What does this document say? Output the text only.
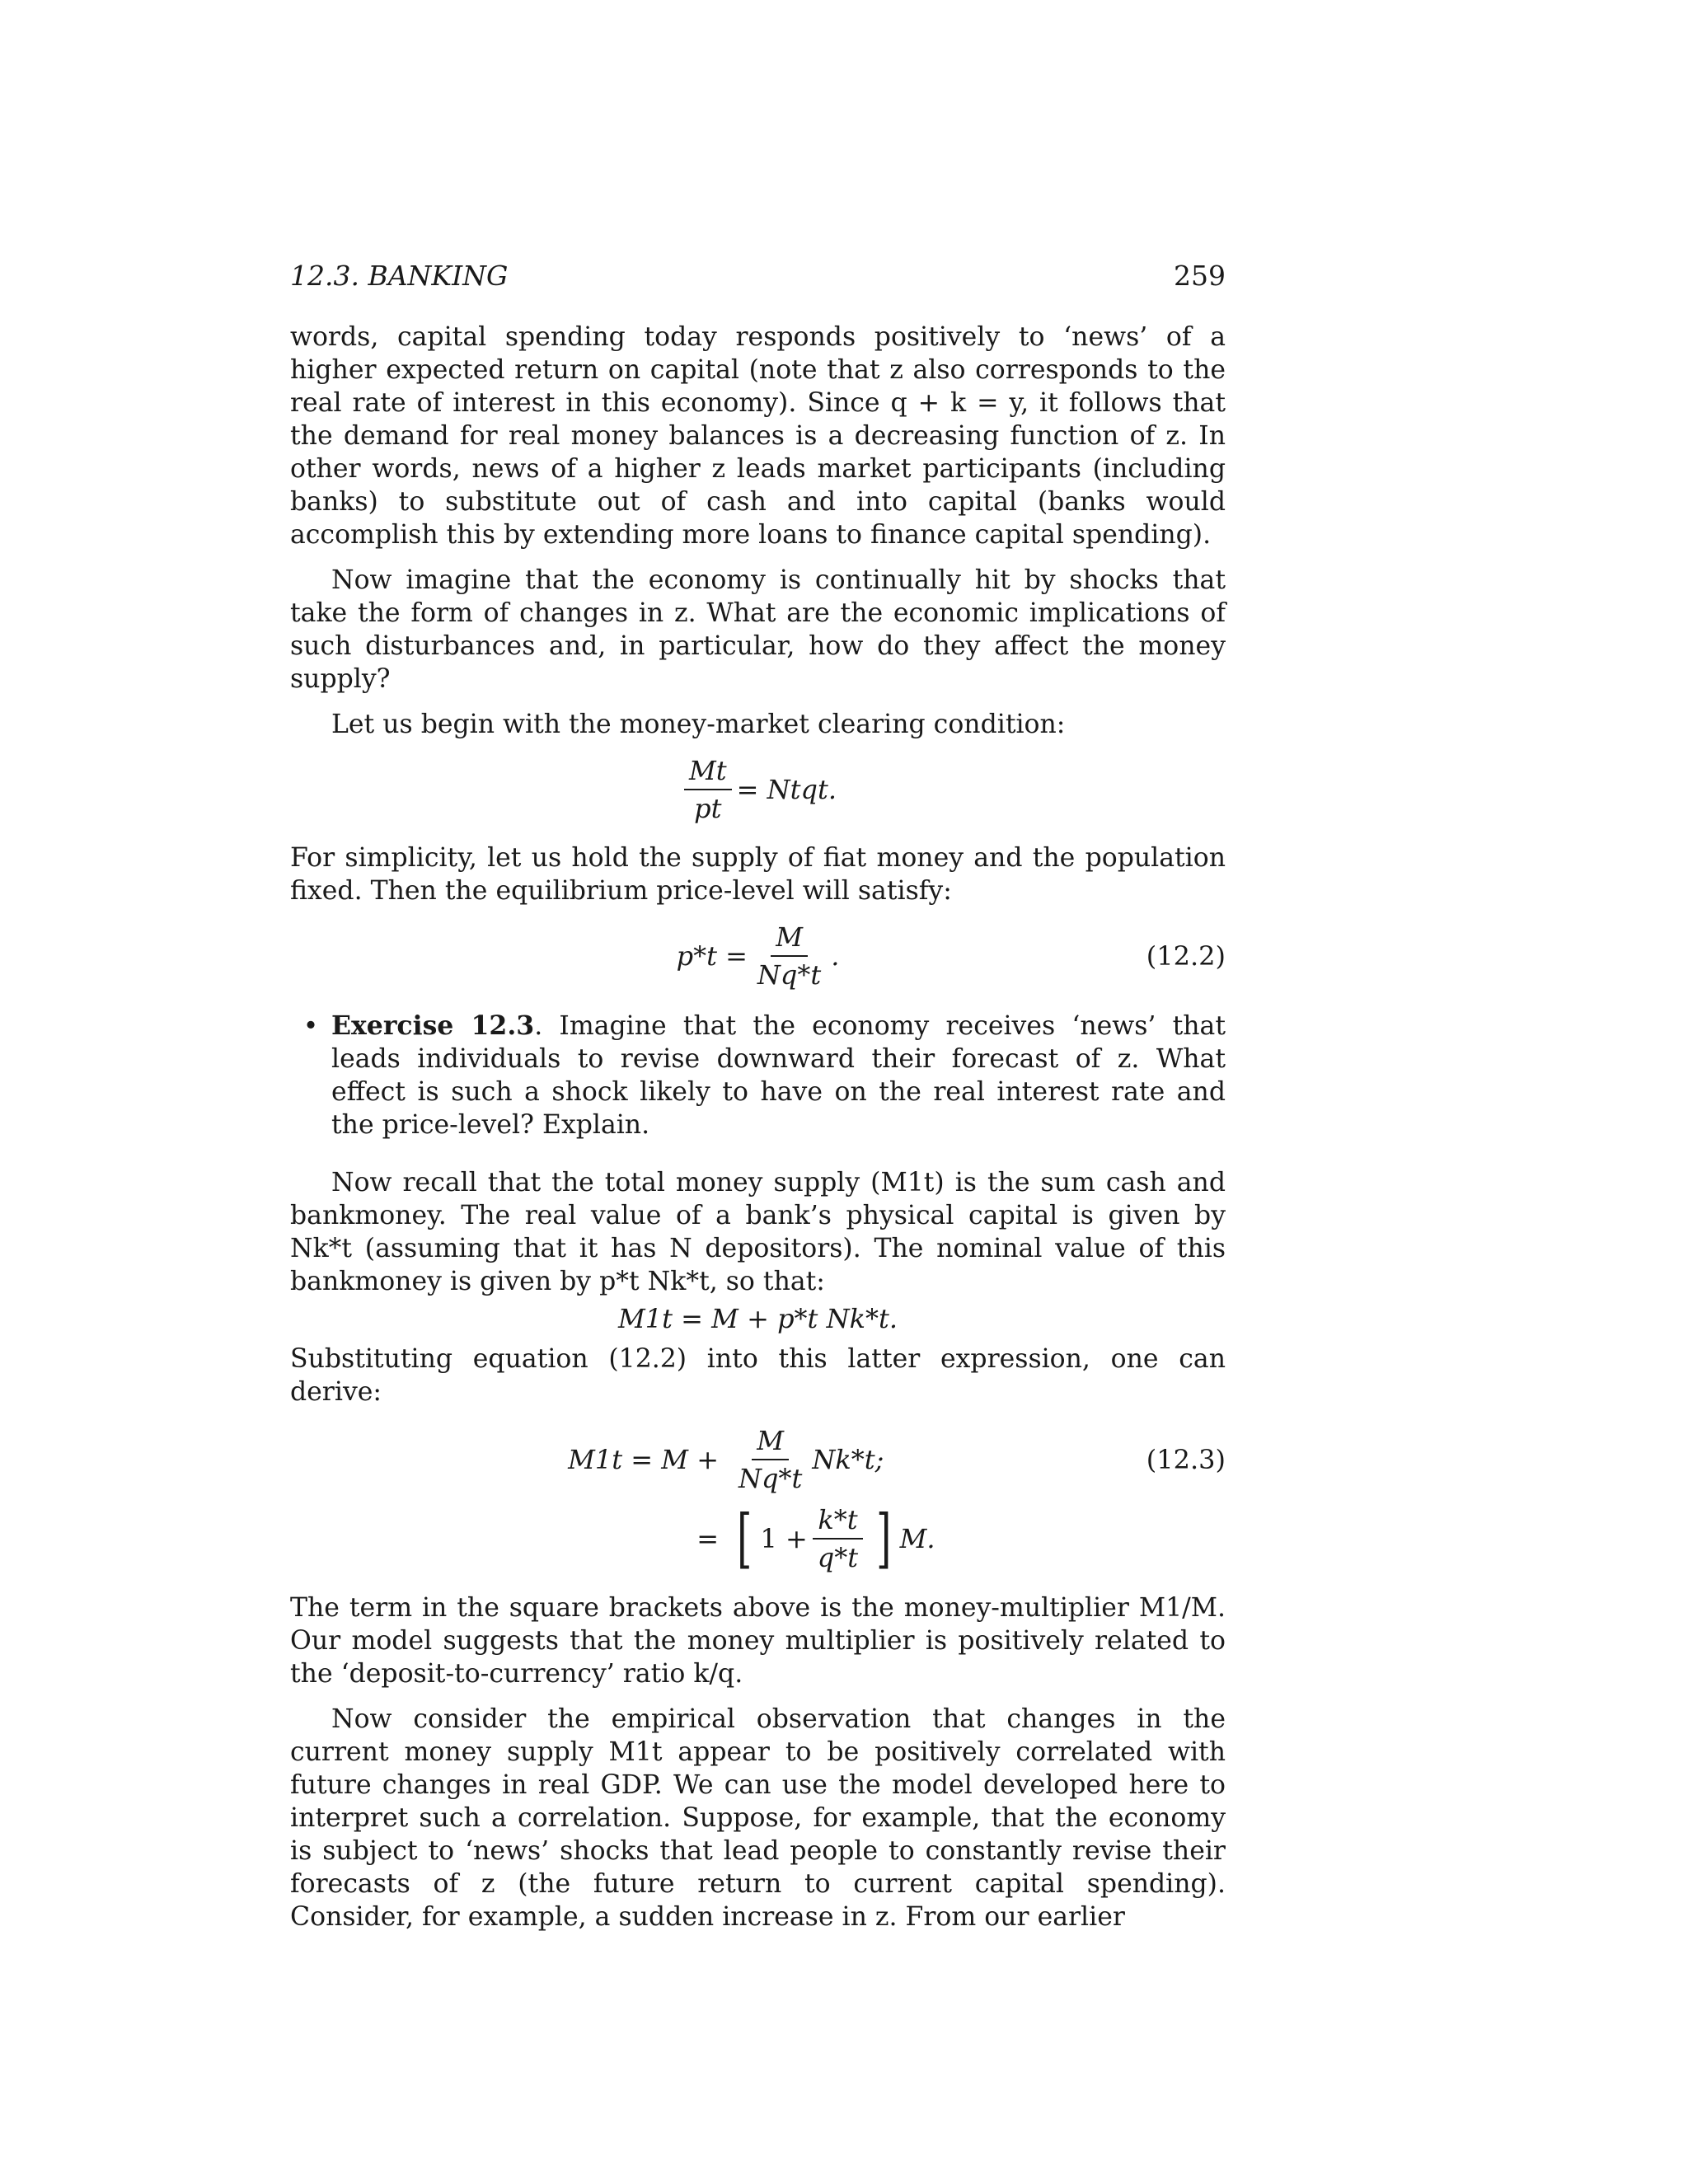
12.3. BANKING	259

words, capital spending today responds positively to ‘news’ of a higher expected return on capital (note that z also corresponds to the real rate of interest in this economy). Since q + k = y, it follows that the demand for real money balances is a decreasing function of z. In other words, news of a higher z leads market participants (including banks) to substitute out of cash and into capital (banks would accomplish this by extending more loans to finance capital spending).

Now imagine that the economy is continually hit by shocks that take the form of changes in z. What are the economic implications of such disturbances and, in particular, how do they affect the money supply?

Let us begin with the money-market clearing condition:

$\frac{Mt}{pt}$ = Ntqt.

For simplicity, let us hold the supply of fiat money and the population fixed. Then the equilibrium price-level will satisfy:

$p*t = \frac{M}{Nq*t}$ .	(12.2)
• Exercise 12.3. Imagine that the economy receives ‘news’ that leads individuals to revise downward their forecast of z. What effect is such a shock likely to have on the real interest rate and the price-level? Explain.

Now recall that the total money supply (M1t) is the sum cash and bankmoney. The real value of a bank’s physical capital is given by Nk*t (assuming that it has N depositors). The nominal value of this bankmoney is given by p*t Nk*t, so that:

M1t = M + p*t Nk*t.

Substituting equation (12.2) into this latter expression, one can derive:

$M1t = M + \frac{M}{Nq*t} Nk*t$;
= [ $1 + \frac{k*t}{q*t}$ ] M.
(12.3)

The term in the square brackets above is the money-multiplier M1/M. Our model suggests that the money multiplier is positively related to the ‘deposit-to-currency’ ratio k/q.

Now consider the empirical observation that changes in the current money supply M1t appear to be positively correlated with future changes in real GDP. We can use the model developed here to interpret such a correlation. Suppose, for example, that the economy is subject to ‘news’ shocks that lead people to constantly revise their forecasts of z (the future return to current capital spending). Consider, for example, a sudden increase in z. From our earlier
